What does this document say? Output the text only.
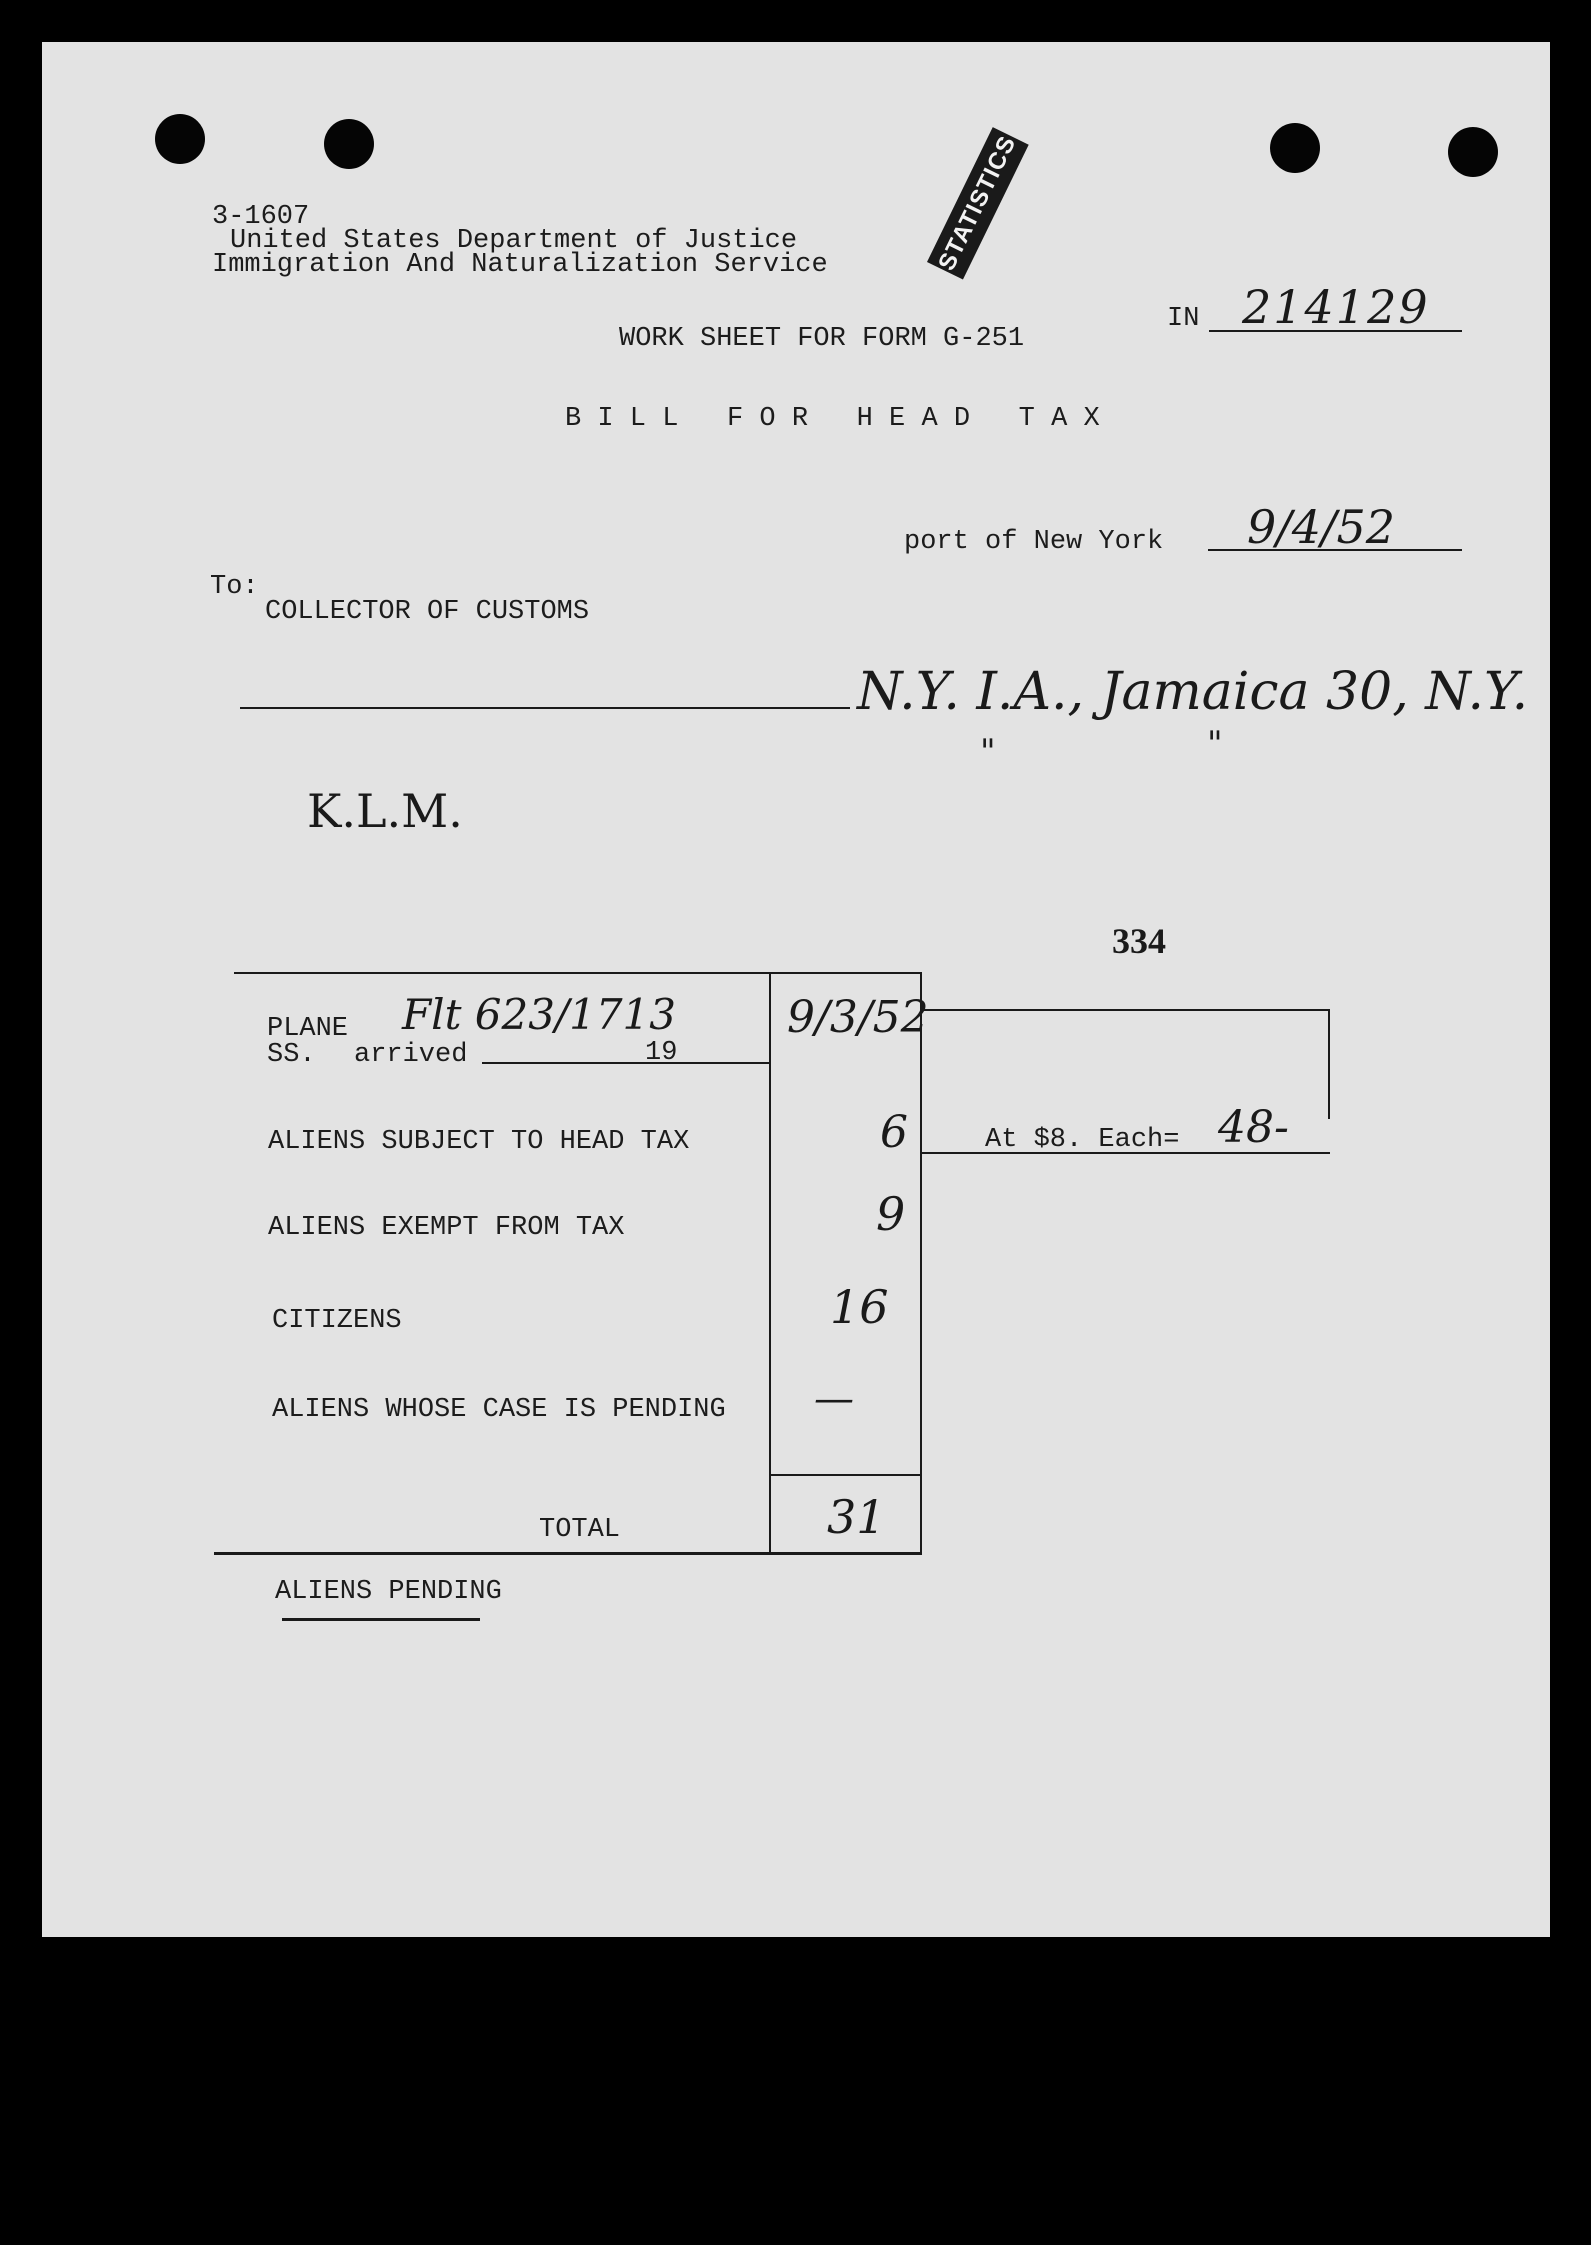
3-1607
United States Department of Justice
Immigration And Naturalization Service	STATISTICS
IN 214129
WORK SHEET FOR FORM G-251
B I L L   F O R   H E A D   T A X
port of New York 9/4/52
To:
COLLECTOR OF CUSTOMS
N.Y. I.A., Jamaica 30, N.Y.
"	"
K.L.M.
334
PLANE Flt 623/1713
SS. arrived	19
9/3/52
ALIENS SUBJECT TO HEAD TAX	6
ALIENS EXEMPT FROM TAX	9
CITIZENS	16
ALIENS WHOSE CASE IS PENDING —
TOTAL	31
At $8. Each= 48-
ALIENS PENDING
